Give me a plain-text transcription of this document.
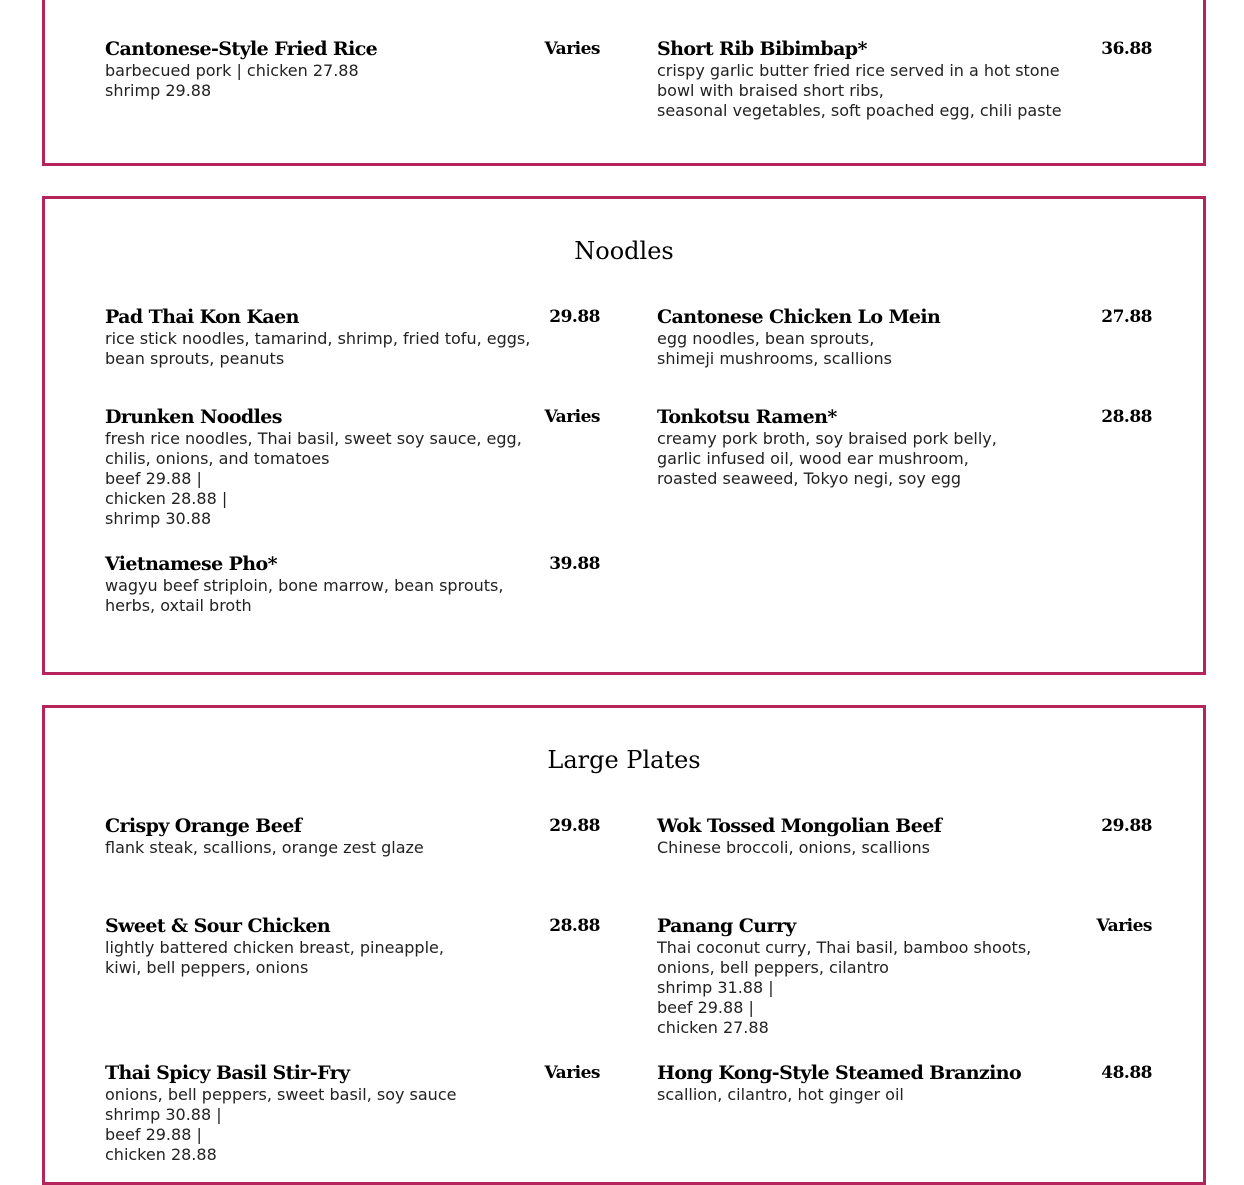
Cantonese-Style Fried Rice	Varies
barbecued pork | chicken 27.88
shrimp 29.88
Short Rib Bibimbap*	36.88
crispy garlic butter fried rice served in a hot stone
bowl with braised short ribs,
seasonal vegetables, soft poached egg, chili paste
Noodles
Pad Thai Kon Kaen	29.88
rice stick noodles, tamarind, shrimp, fried tofu, eggs,
bean sprouts, peanuts
Cantonese Chicken Lo Mein	27.88
egg noodles, bean sprouts,
shimeji mushrooms, scallions
Drunken Noodles	Varies
fresh rice noodles, Thai basil, sweet soy sauce, egg,
chilis, onions, and tomatoes
beef 29.88 |
chicken 28.88 |
shrimp 30.88
Tonkotsu Ramen*	28.88
creamy pork broth, soy braised pork belly,
garlic infused oil, wood ear mushroom,
roasted seaweed, Tokyo negi, soy egg
Vietnamese Pho*	39.88
wagyu beef striploin, bone marrow, bean sprouts,
herbs, oxtail broth
Large Plates
Crispy Orange Beef	29.88
flank steak, scallions, orange zest glaze
Wok Tossed Mongolian Beef	29.88
Chinese broccoli, onions, scallions
Sweet & Sour Chicken	28.88
lightly battered chicken breast, pineapple,
kiwi, bell peppers, onions
Panang Curry	Varies
Thai coconut curry, Thai basil, bamboo shoots,
onions, bell peppers, cilantro
shrimp 31.88 |
beef 29.88 |
chicken 27.88
Thai Spicy Basil Stir-Fry	Varies
onions, bell peppers, sweet basil, soy sauce
shrimp 30.88 |
beef 29.88 |
chicken 28.88
Hong Kong-Style Steamed Branzino	48.88
scallion, cilantro, hot ginger oil
